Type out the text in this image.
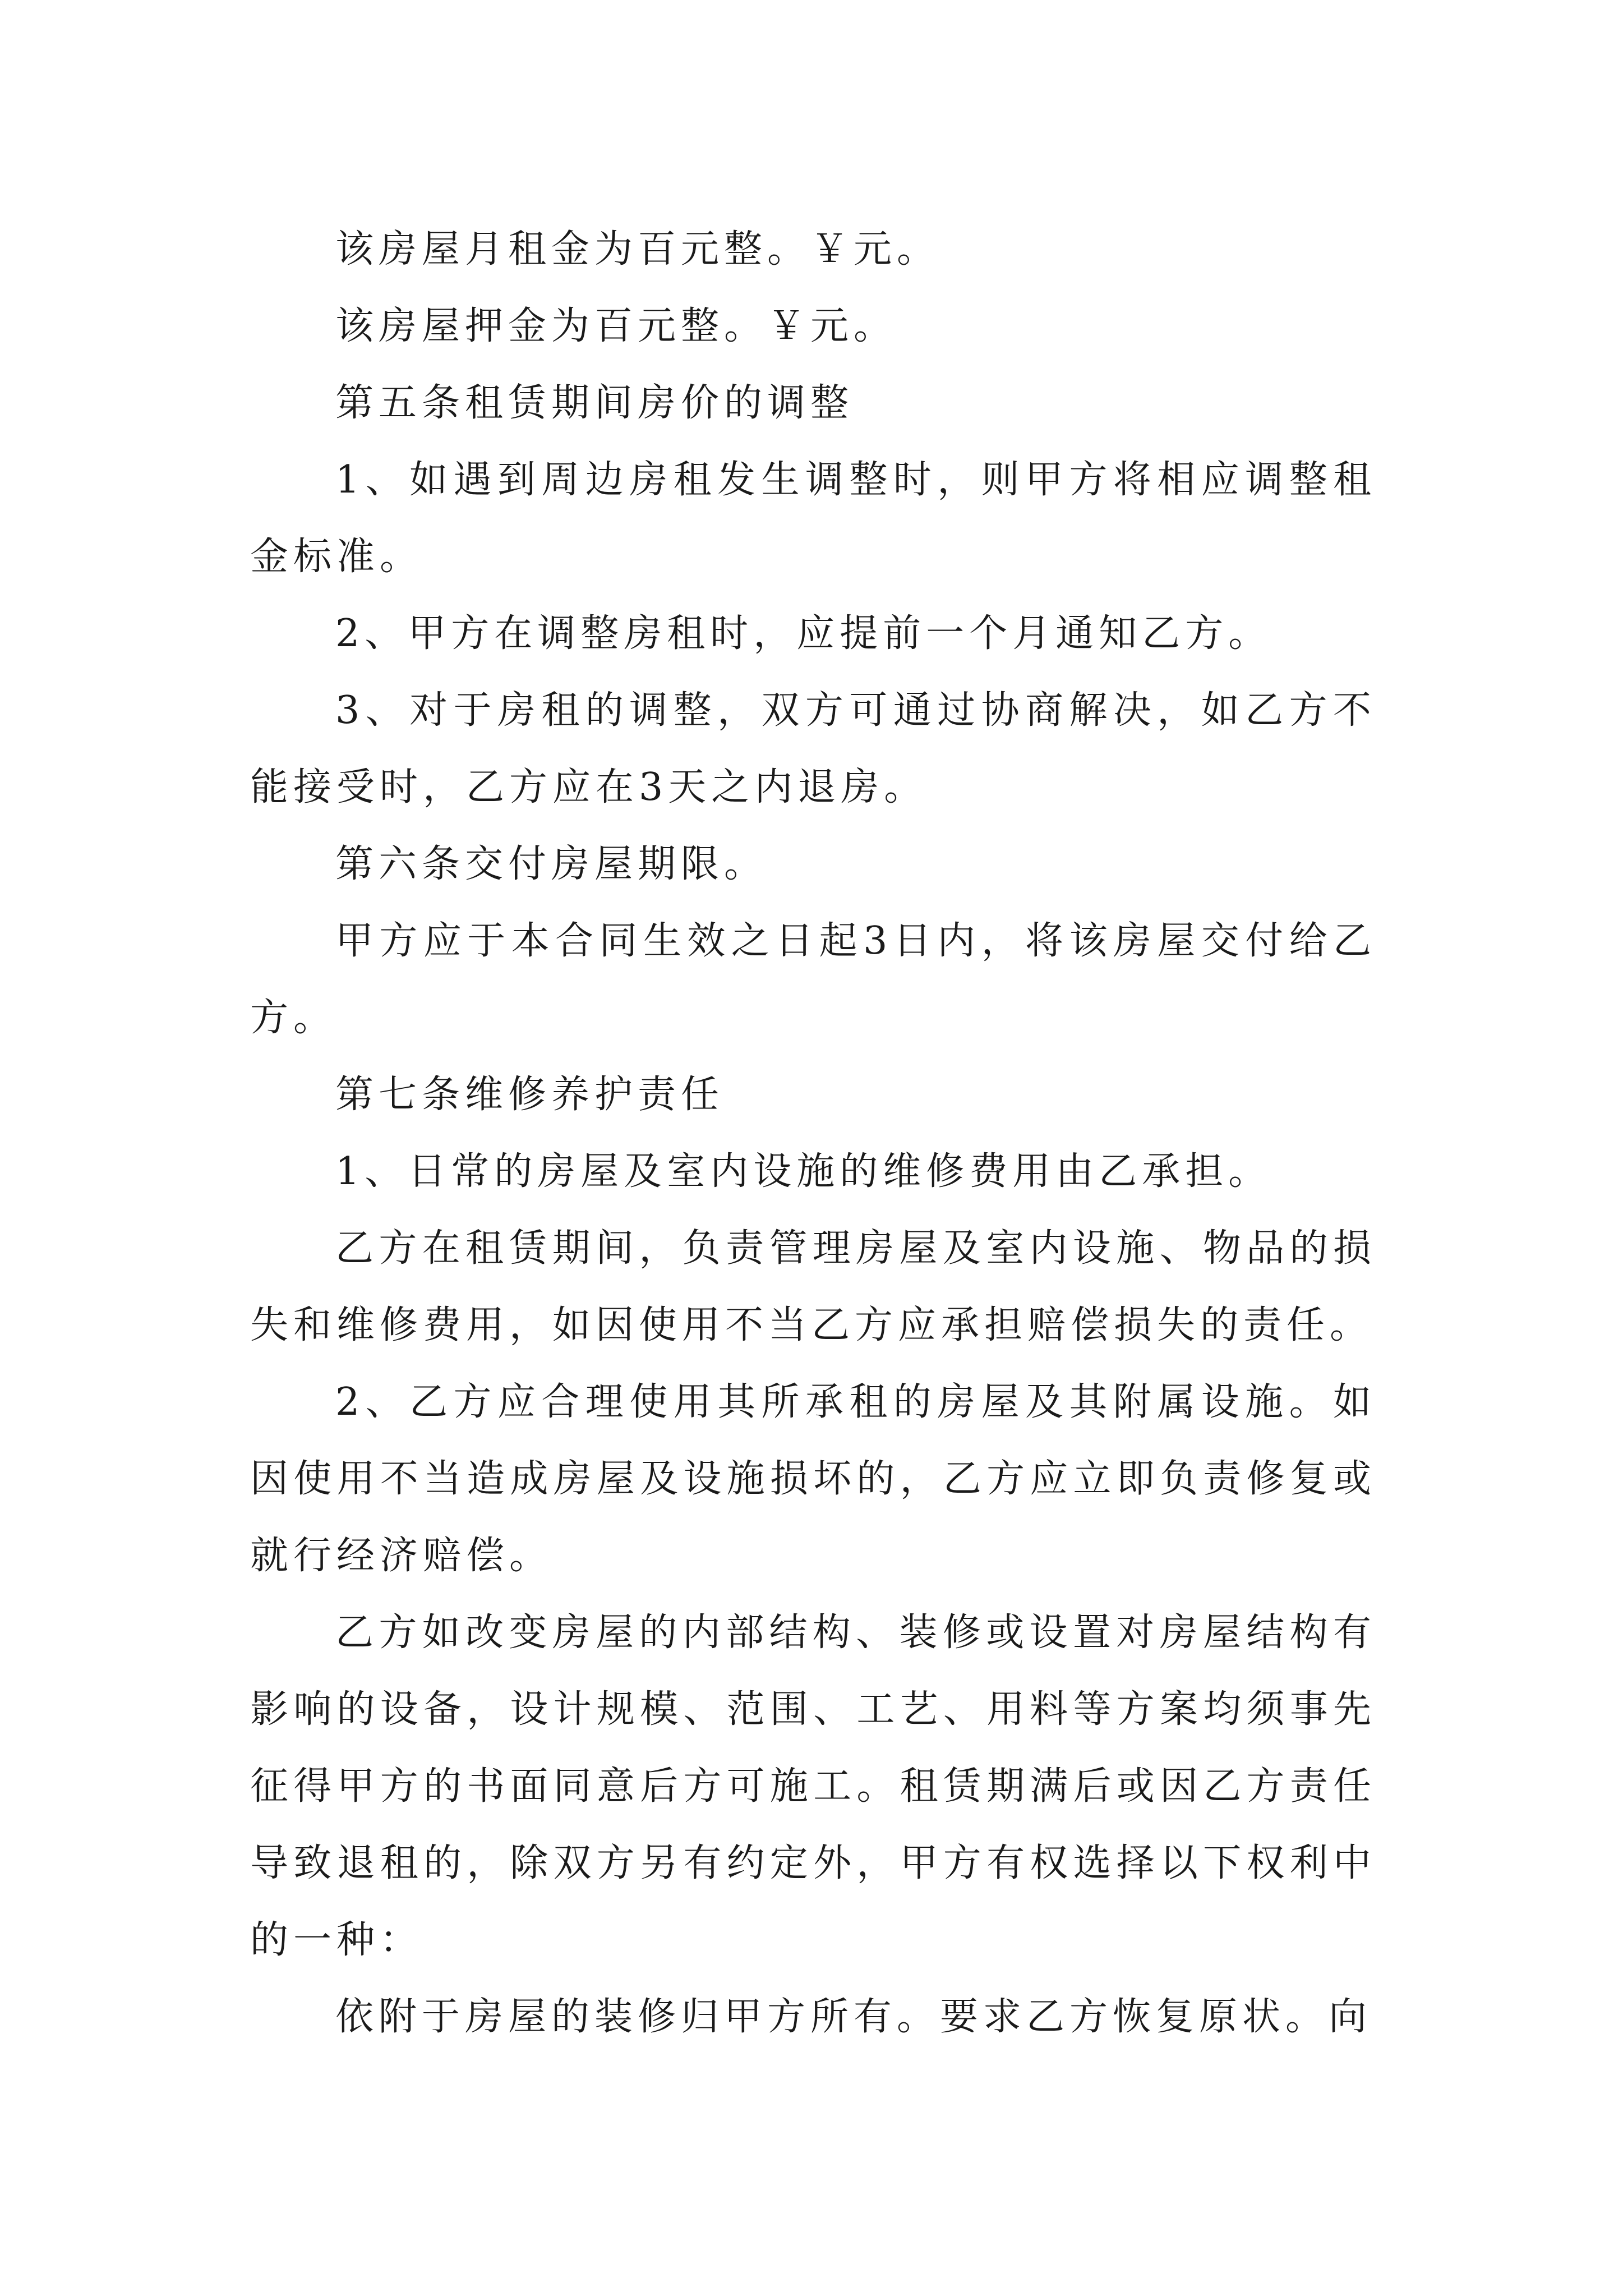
该房屋月租金为百元整。￥元。

该房屋押金为百元整。￥元。

第五条租赁期间房价的调整

1、如遇到周边房租发生调整时，则甲方将相应调整租金标准。

2、甲方在调整房租时，应提前一个月通知乙方。

3、对于房租的调整，双方可通过协商解决，如乙方不能接受时，乙方应在3天之内退房。

第六条交付房屋期限。

甲方应于本合同生效之日起3日内，将该房屋交付给乙方。

第七条维修养护责任

1、日常的房屋及室内设施的维修费用由乙承担。

乙方在租赁期间，负责管理房屋及室内设施、物品的损失和维修费用，如因使用不当乙方应承担赔偿损失的责任。

2、乙方应合理使用其所承租的房屋及其附属设施。如因使用不当造成房屋及设施损坏的，乙方应立即负责修复或就行经济赔偿。

乙方如改变房屋的内部结构、装修或设置对房屋结构有影响的设备，设计规模、范围、工艺、用料等方案均须事先征得甲方的书面同意后方可施工。租赁期满后或因乙方责任导致退租的，除双方另有约定外，甲方有权选择以下权利中的一种：

依附于房屋的装修归甲方所有。要求乙方恢复原状。向
